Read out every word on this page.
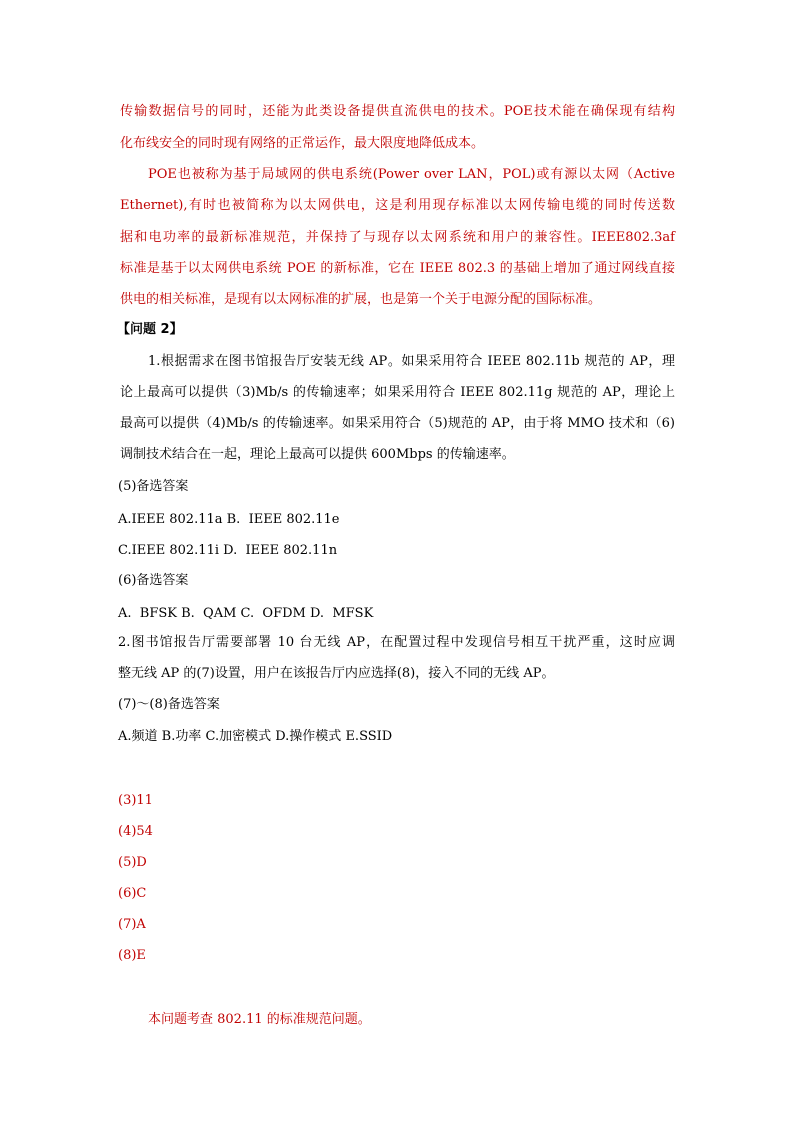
传输数据信号的同时，还能为此类设备提供直流供电的技术。POE技术能在确保现有结构
化布线安全的同时现有网络的正常运作，最大限度地降低成本。
POE也被称为基于局域网的供电系统(Power over LAN，POL)或有源以太网（Active
Ethernet),有时也被简称为以太网供电，这是利用现存标准以太网传输电缆的同时传送数
据和电功率的最新标准规范，并保持了与现存以太网系统和用户的兼容性。IEEE802.3af
标准是基于以太网供电系统 POE 的新标准，它在 IEEE 802.3 的基础上增加了通过网线直接
供电的相关标准，是现有以太网标准的扩展，也是第一个关于电源分配的国际标准。
【问题 2】
1.根据需求在图书馆报告厅安装无线 AP。如果采用符合 IEEE 802.11b 规范的 AP，理
论上最高可以提供（3)Mb/s 的传输速率；如果采用符合 IEEE 802.11g 规范的 AP，理论上
最高可以提供（4)Mb/s 的传输速率。如果采用符合（5)规范的 AP，由于将 MMO 技术和（6)
调制技术结合在一起，理论上最高可以提供 600Mbps 的传输速率。
(5)备选答案
A.IEEE 802.11a B.  IEEE 802.11e
C.IEEE 802.11i D.  IEEE 802.11n
(6)备选答案
A.  BFSK B.  QAM C.  OFDM D.  MFSK
2.图书馆报告厅需要部署 10 台无线 AP，在配置过程中发现信号相互干扰严重，这时应调
整无线 AP 的(7)设置，用户在该报告厅内应选择(8)，接入不同的无线 AP。
(7)～(8)备选答案
A.频道 B.功率 C.加密模式 D.操作模式 E.SSID
(3)11
(4)54
(5)D
(6)C
(7)A
(8)E
本问题考查 802.11 的标准规范问题。
